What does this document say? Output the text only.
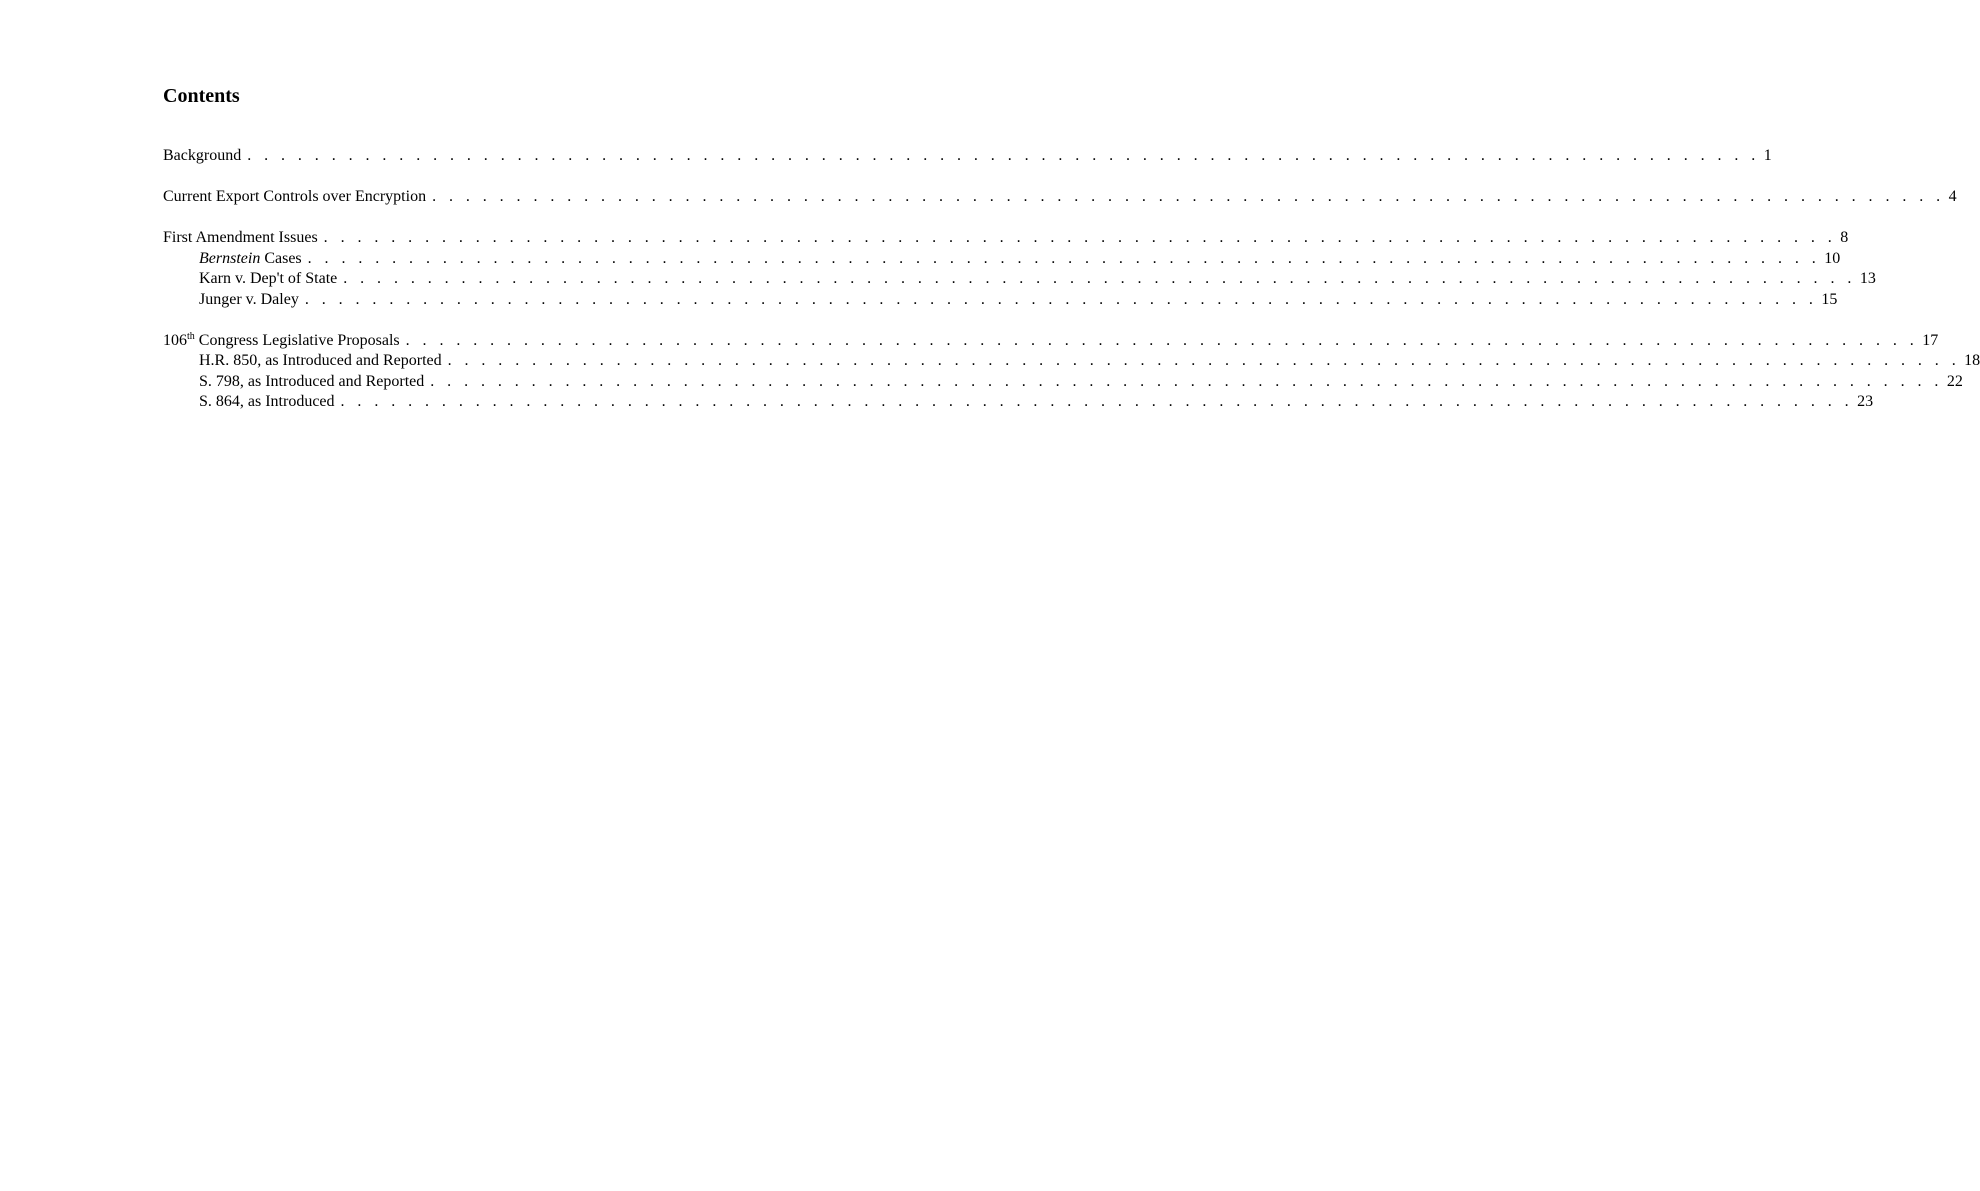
Contents
Background . . . . . . . . . . . . . . . . . . . . . . . . . . . . . . . . . . . . . . . . . . . . . . . . . . . . . . . . . . . . . . . . . . . . . . . . . . . . . . . . . . . . . . . . . . 1
Current Export Controls over Encryption . . . . . . . . . . . . . . . . . . . . . . . . . . . . . . . . . . . . . . . . . . . . . . . . . . . . . . . . . . . . . . . . . . . . . . . . . . . . . . . . . . . . . . . . . . 4
First Amendment Issues . . . . . . . . . . . . . . . . . . . . . . . . . . . . . . . . . . . . . . . . . . . . . . . . . . . . . . . . . . . . . . . . . . . . . . . . . . . . . . . . . . . . . . . . . . 8
Bernstein Cases . . . . . . . . . . . . . . . . . . . . . . . . . . . . . . . . . . . . . . . . . . . . . . . . . . . . . . . . . . . . . . . . . . . . . . . . . . . . . . . . . . . . . . . . . . 10
Karn v. Dep't of State . . . . . . . . . . . . . . . . . . . . . . . . . . . . . . . . . . . . . . . . . . . . . . . . . . . . . . . . . . . . . . . . . . . . . . . . . . . . . . . . . . . . . . . . . . 13
Junger v. Daley . . . . . . . . . . . . . . . . . . . . . . . . . . . . . . . . . . . . . . . . . . . . . . . . . . . . . . . . . . . . . . . . . . . . . . . . . . . . . . . . . . . . . . . . . . 15
106th Congress Legislative Proposals . . . . . . . . . . . . . . . . . . . . . . . . . . . . . . . . . . . . . . . . . . . . . . . . . . . . . . . . . . . . . . . . . . . . . . . . . . . . . . . . . . . . . . . . . . 17
H.R. 850, as Introduced and Reported . . . . . . . . . . . . . . . . . . . . . . . . . . . . . . . . . . . . . . . . . . . . . . . . . . . . . . . . . . . . . . . . . . . . . . . . . . . . . . . . . . . . . . . . . . 18
S. 798, as Introduced and Reported . . . . . . . . . . . . . . . . . . . . . . . . . . . . . . . . . . . . . . . . . . . . . . . . . . . . . . . . . . . . . . . . . . . . . . . . . . . . . . . . . . . . . . . . . . 22
S. 864, as Introduced . . . . . . . . . . . . . . . . . . . . . . . . . . . . . . . . . . . . . . . . . . . . . . . . . . . . . . . . . . . . . . . . . . . . . . . . . . . . . . . . . . . . . . . . . . 23
